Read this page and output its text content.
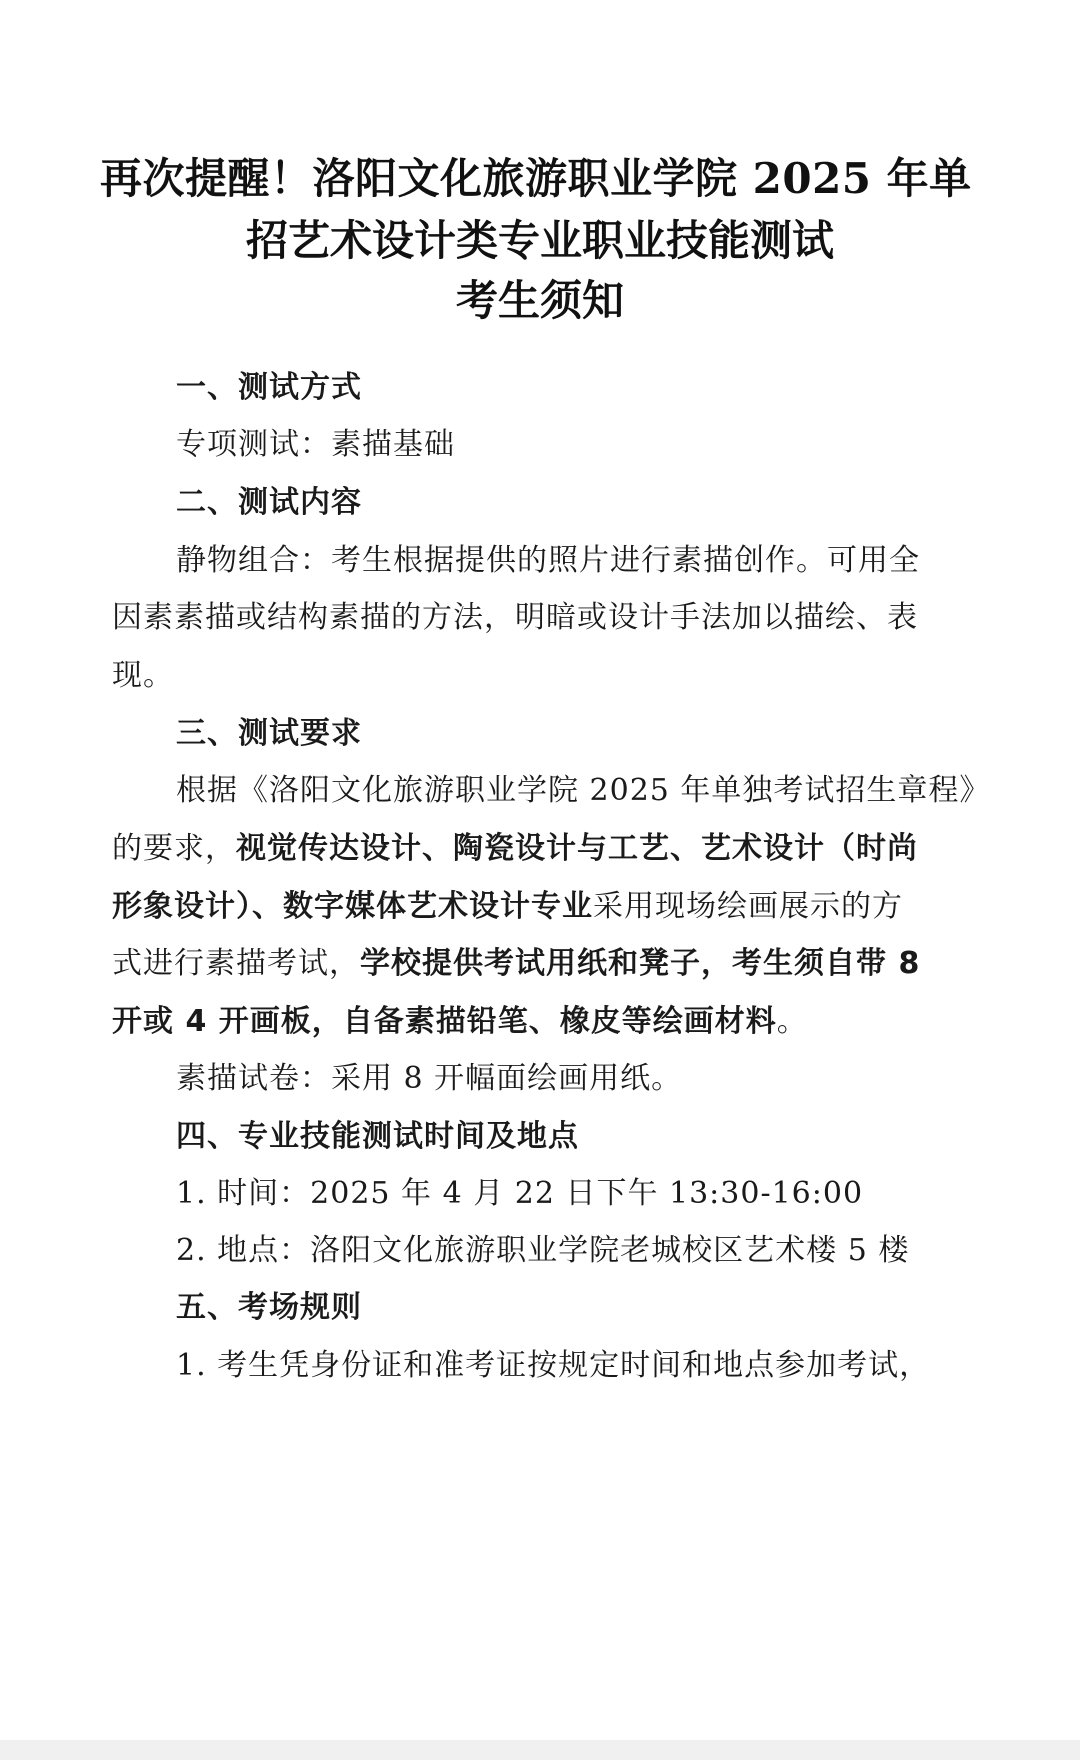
再次提醒！洛阳文化旅游职业学院 2025 年单
招艺术设计类专业职业技能测试
考生须知
一、测试方式
专项测试：素描基础
二、测试内容
静物组合：考生根据提供的照片进行素描创作。可用全
因素素描或结构素描的方法，明暗或设计手法加以描绘、表
现。
三、测试要求
根据《洛阳文化旅游职业学院 2025 年单独考试招生章程》
的要求，视觉传达设计、陶瓷设计与工艺、艺术设计（时尚
形象设计）、数字媒体艺术设计专业采用现场绘画展示的方
式进行素描考试，学校提供考试用纸和凳子，考生须自带 8
开或 4 开画板，自备素描铅笔、橡皮等绘画材料。
素描试卷：采用 8 开幅面绘画用纸。
四、专业技能测试时间及地点
1. 时间：2025 年 4 月 22 日下午 13:30-16:00
2. 地点：洛阳文化旅游职业学院老城校区艺术楼 5 楼
五、考场规则
1. 考生凭身份证和准考证按规定时间和地点参加考试，
